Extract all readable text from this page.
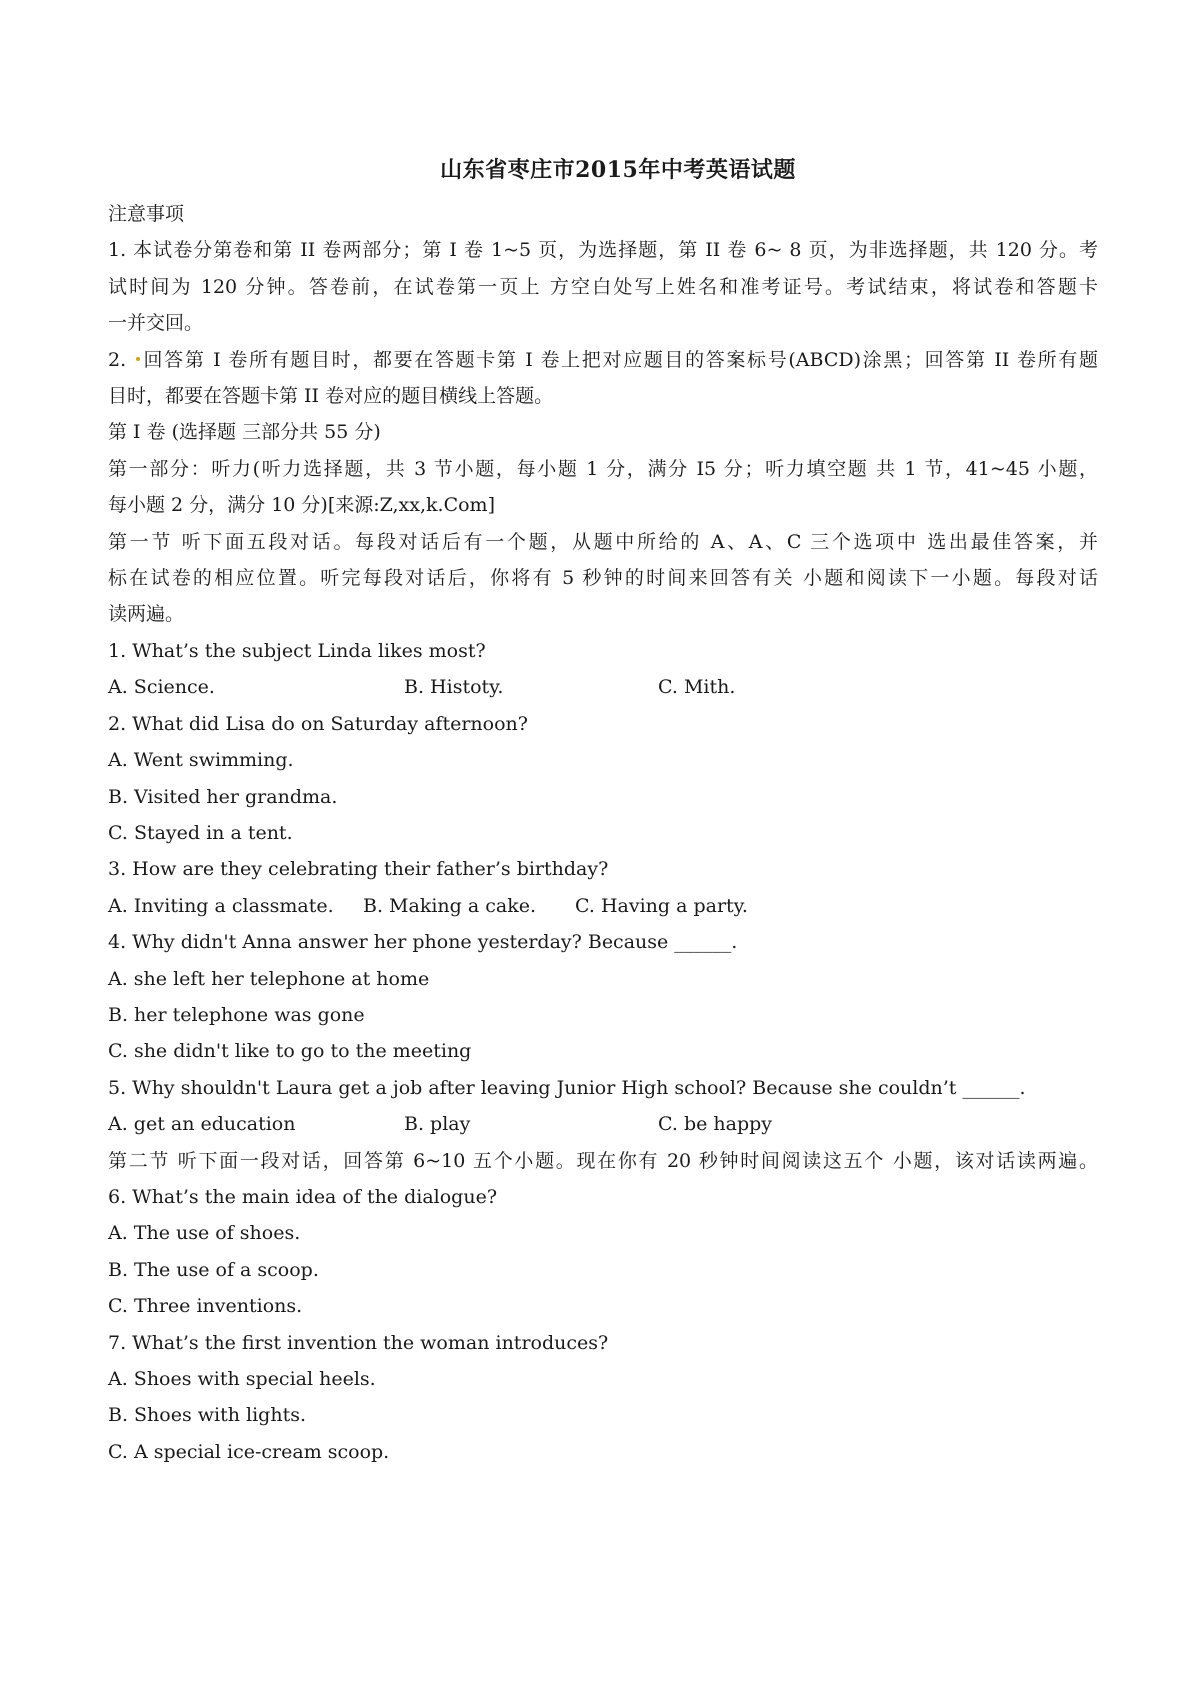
山东省枣庄市2015年中考英语试题
注意事项
1. 本试卷分第卷和第 II 卷两部分；第 I 卷 1~5 页，为选择题，第 II 卷 6~ 8 页，为非选择题，共 120 分。考
试时间为 120 分钟。答卷前，在试卷第一页上 方空白处写上姓名和准考证号。考试结束，将试卷和答题卡
一并交回。
2. 回答第 I 卷所有题目时，都要在答题卡第 I 卷上把对应题目的答案标号(ABCD)涂黑；回答第 II 卷所有题
目时，都要在答题卡第 II 卷对应的题目横线上答题。
第 I 卷 (选择题 三部分共 55 分)
第一部分：听力(听力选择题，共 3 节小题，每小题 1 分，满分 I5 分；听力填空题 共 1 节，41~45 小题，
每小题 2 分，满分 10 分)[来源:Z,xx,k.Com]
第一节 听下面五段对话。每段对话后有一个题，从题中所给的 A、A、C 三个选项中 选出最佳答案，并
标在试卷的相应位置。听完每段对话后，你将有 5 秒钟的时间来回答有关 小题和阅读下一小题。每段对话
读两遍。
1. What’s the subject Linda likes most?
A. Science.	B. Histoty.	C. Mith.
2. What did Lisa do on Saturday afternoon?
A. Went swimming.
B. Visited her grandma.
C. Stayed in a tent.
3. How are they celebrating their father’s birthday?
A. Inviting a classmate.	B. Making a cake.	C. Having a party.
4. Why didn't Anna answer her phone yesterday? Because ______.
A. she left her telephone at home
B. her telephone was gone
C. she didn't like to go to the meeting
5. Why shouldn't Laura get a job after leaving Junior High school? Because she couldn’t ______.
A. get an education	B. play	C. be happy
第二节 听下面一段对话，回答第 6~10 五个小题。现在你有 20 秒钟时间阅读这五个 小题，该对话读两遍。
6. What’s the main idea of the dialogue?
A. The use of shoes.
B. The use of a scoop.
C. Three inventions.
7. What’s the first invention the woman introduces?
A. Shoes with special heels.
B. Shoes with lights.
C. A special ice-cream scoop.
